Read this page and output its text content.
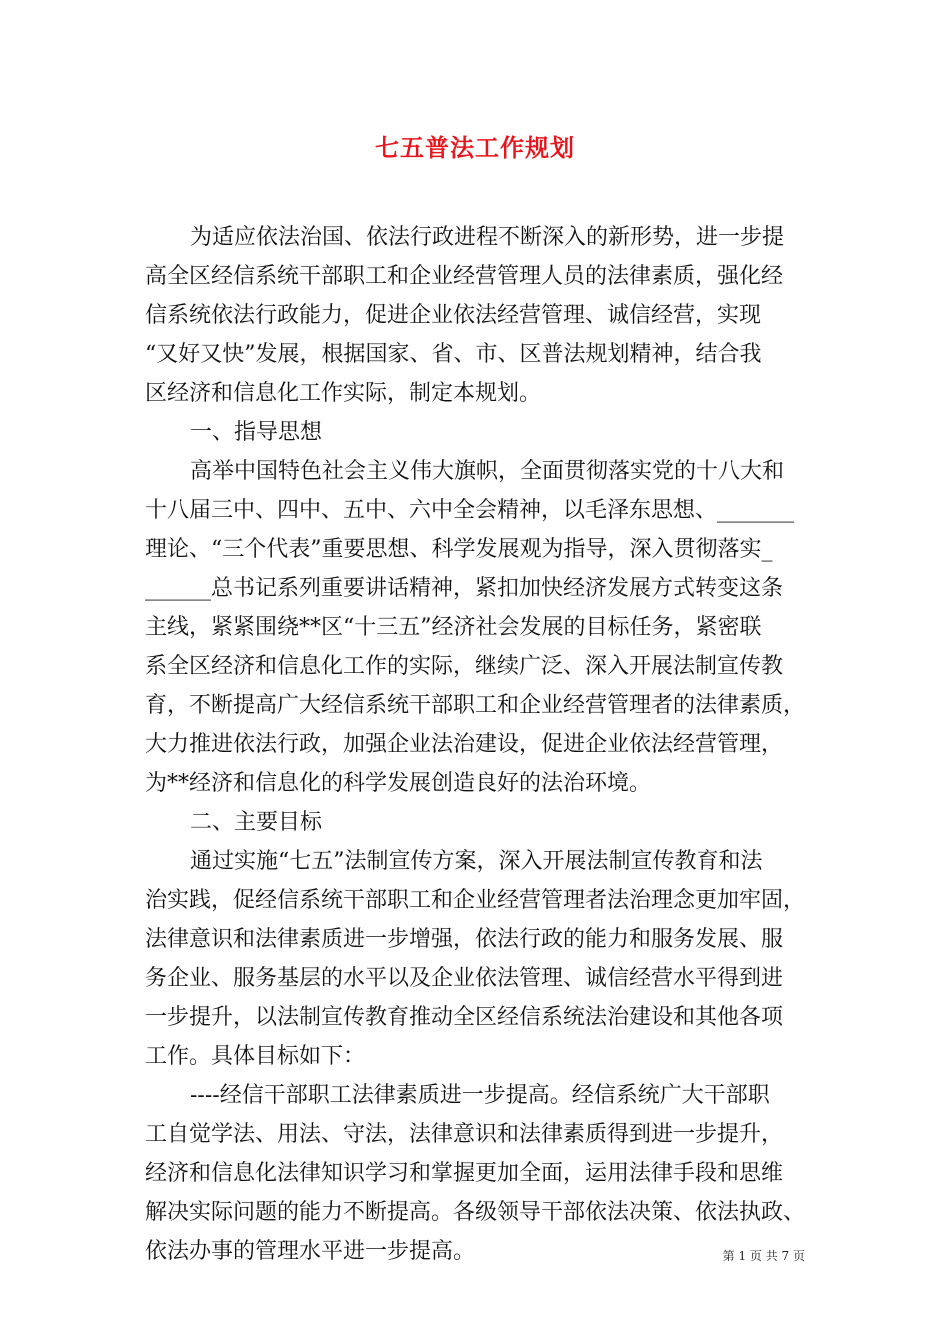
七五普法工作规划
为适应依法治国、依法行政进程不断深入的新形势，进一步提
高全区经信系统干部职工和企业经营管理人员的法律素质，强化经
信系统依法行政能力，促进企业依法经营管理、诚信经营，实现
“又好又快”发展，根据国家、省、市、区普法规划精神，结合我
区经济和信息化工作实际，制定本规划。
一、指导思想
高举中国特色社会主义伟大旗帜，全面贯彻落实党的十八大和
十八届三中、四中、五中、六中全会精神，以毛泽东思想、_______
理论、“三个代表”重要思想、科学发展观为指导，深入贯彻落实_
______总书记系列重要讲话精神，紧扣加快经济发展方式转变这条
主线，紧紧围绕**区“十三五”经济社会发展的目标任务，紧密联
系全区经济和信息化工作的实际，继续广泛、深入开展法制宣传教
育，不断提高广大经信系统干部职工和企业经营管理者的法律素质，
大力推进依法行政，加强企业法治建设，促进企业依法经营管理，
为**经济和信息化的科学发展创造良好的法治环境。
二、主要目标
通过实施“七五”法制宣传方案，深入开展法制宣传教育和法
治实践，促经信系统干部职工和企业经营管理者法治理念更加牢固，
法律意识和法律素质进一步增强，依法行政的能力和服务发展、服
务企业、服务基层的水平以及企业依法管理、诚信经营水平得到进
一步提升，以法制宣传教育推动全区经信系统法治建设和其他各项
工作。具体目标如下：
----经信干部职工法律素质进一步提高。经信系统广大干部职
工自觉学法、用法、守法，法律意识和法律素质得到进一步提升，
经济和信息化法律知识学习和掌握更加全面，运用法律手段和思维
解决实际问题的能力不断提高。各级领导干部依法决策、依法执政、
依法办事的管理水平进一步提高。	第 1 页 共 7 页
